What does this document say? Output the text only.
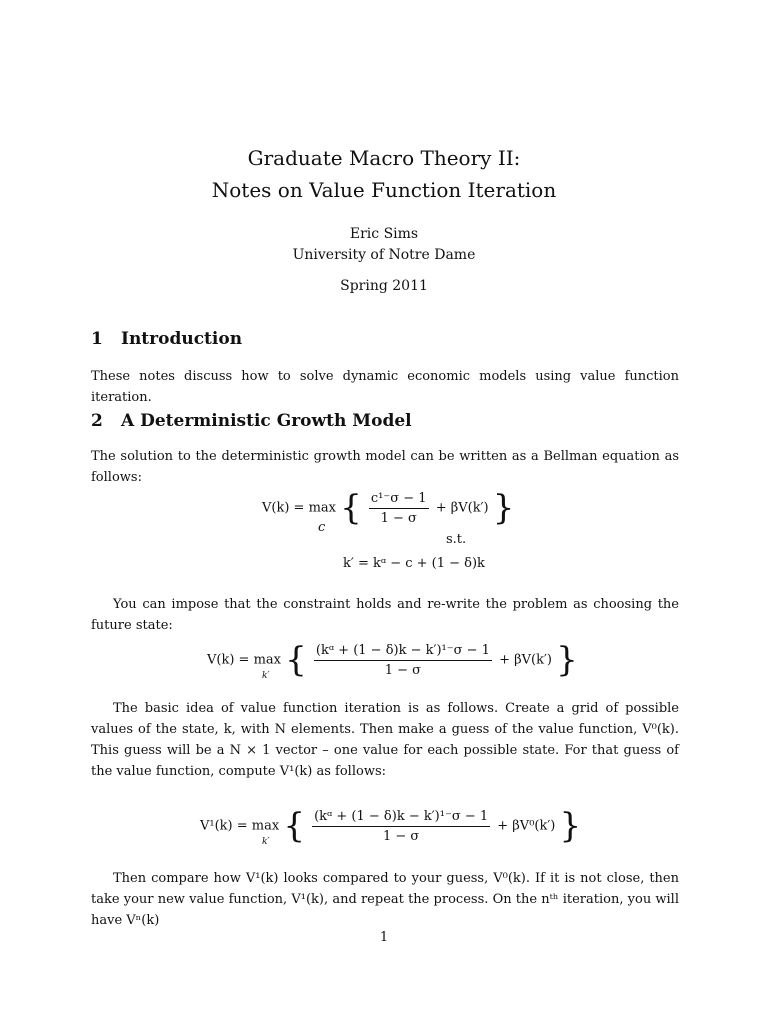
Graduate Macro Theory II:
Notes on Value Function Iteration
Eric Sims
University of Notre Dame
Spring 2011
1 Introduction
These notes discuss how to solve dynamic economic models using value function iteration.
2 A Deterministic Growth Model
The solution to the deterministic growth model can be written as a Bellman equation as follows:
V(k) = max { $\frac{\text{c¹⁻σ − 1}}{1 - \sigma} + \beta V(k')$ }
c
s.t.
k′ = kᵅ − c + (1 − δ)k
You can impose that the constraint holds and re-write the problem as choosing the future state:
V(k) = max { $\frac{\text{(kᵅ + (1 − δ)k − k′)¹⁻σ − 1}}{1 - \sigma} + \beta V(k')$ }
k′
The basic idea of value function iteration is as follows. Create a grid of possible values of the state, k, with N elements. Then make a guess of the value function, V⁰(k). This guess will be a N × 1 vector – one value for each possible state. For that guess of the value function, compute V¹(k) as follows:
V¹(k) = max { $\frac{\text{(kᵅ + (1 − δ)k − k′)¹⁻σ − 1}}{1 - \sigma} + \beta V^0(k')$ }
k′
Then compare how V¹(k) looks compared to your guess, V⁰(k). If it is not close, then take your new value function, V¹(k), and repeat the process. On the nᵗʰ iteration, you will have Vⁿ(k)
1
